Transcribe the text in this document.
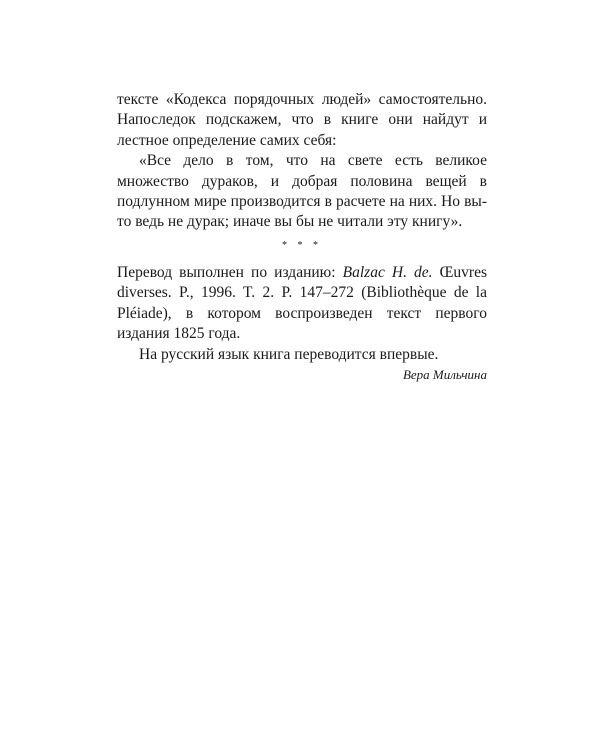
тексте «Кодекса порядочных людей» самостоятельно. Напоследок подскажем, что в книге они найдут и лестное определение самих себя:

«Все дело в том, что на свете есть великое множество дураков, и добрая половина вещей в подлунном мире производится в расчете на них. Но вы-то ведь не дурак; иначе вы бы не читали эту книгу».

* * *

Перевод выполнен по изданию: Balzac H. de. Œuvres diverses. P., 1996. T. 2. P. 147–272 (Bibliothèque de la Pléiade), в котором воспроизведен текст первого издания 1825 года.

На русский язык книга переводится впервые.

Вера Мильчина
